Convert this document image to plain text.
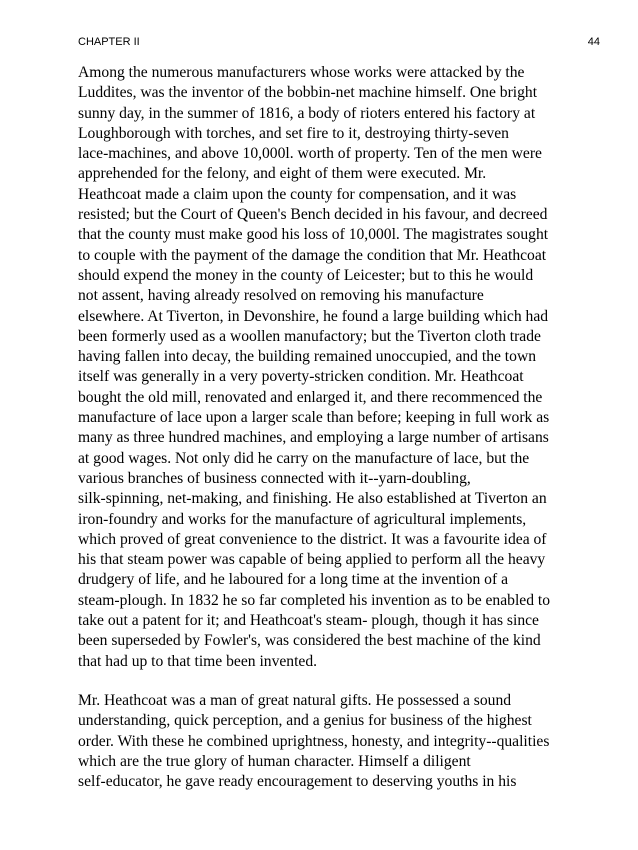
CHAPTER II	44
Among the numerous manufacturers whose works were attacked by the
Luddites, was the inventor of the bobbin-net machine himself. One bright
sunny day, in the summer of 1816, a body of rioters entered his factory at
Loughborough with torches, and set fire to it, destroying thirty-seven
lace-machines, and above 10,000l. worth of property. Ten of the men were
apprehended for the felony, and eight of them were executed. Mr.
Heathcoat made a claim upon the county for compensation, and it was
resisted; but the Court of Queen's Bench decided in his favour, and decreed
that the county must make good his loss of 10,000l. The magistrates sought
to couple with the payment of the damage the condition that Mr. Heathcoat
should expend the money in the county of Leicester; but to this he would
not assent, having already resolved on removing his manufacture
elsewhere. At Tiverton, in Devonshire, he found a large building which had
been formerly used as a woollen manufactory; but the Tiverton cloth trade
having fallen into decay, the building remained unoccupied, and the town
itself was generally in a very poverty-stricken condition. Mr. Heathcoat
bought the old mill, renovated and enlarged it, and there recommenced the
manufacture of lace upon a larger scale than before; keeping in full work as
many as three hundred machines, and employing a large number of artisans
at good wages. Not only did he carry on the manufacture of lace, but the
various branches of business connected with it--yarn-doubling,
silk-spinning, net-making, and finishing. He also established at Tiverton an
iron-foundry and works for the manufacture of agricultural implements,
which proved of great convenience to the district. It was a favourite idea of
his that steam power was capable of being applied to perform all the heavy
drudgery of life, and he laboured for a long time at the invention of a
steam-plough. In 1832 he so far completed his invention as to be enabled to
take out a patent for it; and Heathcoat's steam- plough, though it has since
been superseded by Fowler's, was considered the best machine of the kind
that had up to that time been invented.
Mr. Heathcoat was a man of great natural gifts. He possessed a sound
understanding, quick perception, and a genius for business of the highest
order. With these he combined uprightness, honesty, and integrity--qualities
which are the true glory of human character. Himself a diligent
self-educator, he gave ready encouragement to deserving youths in his
